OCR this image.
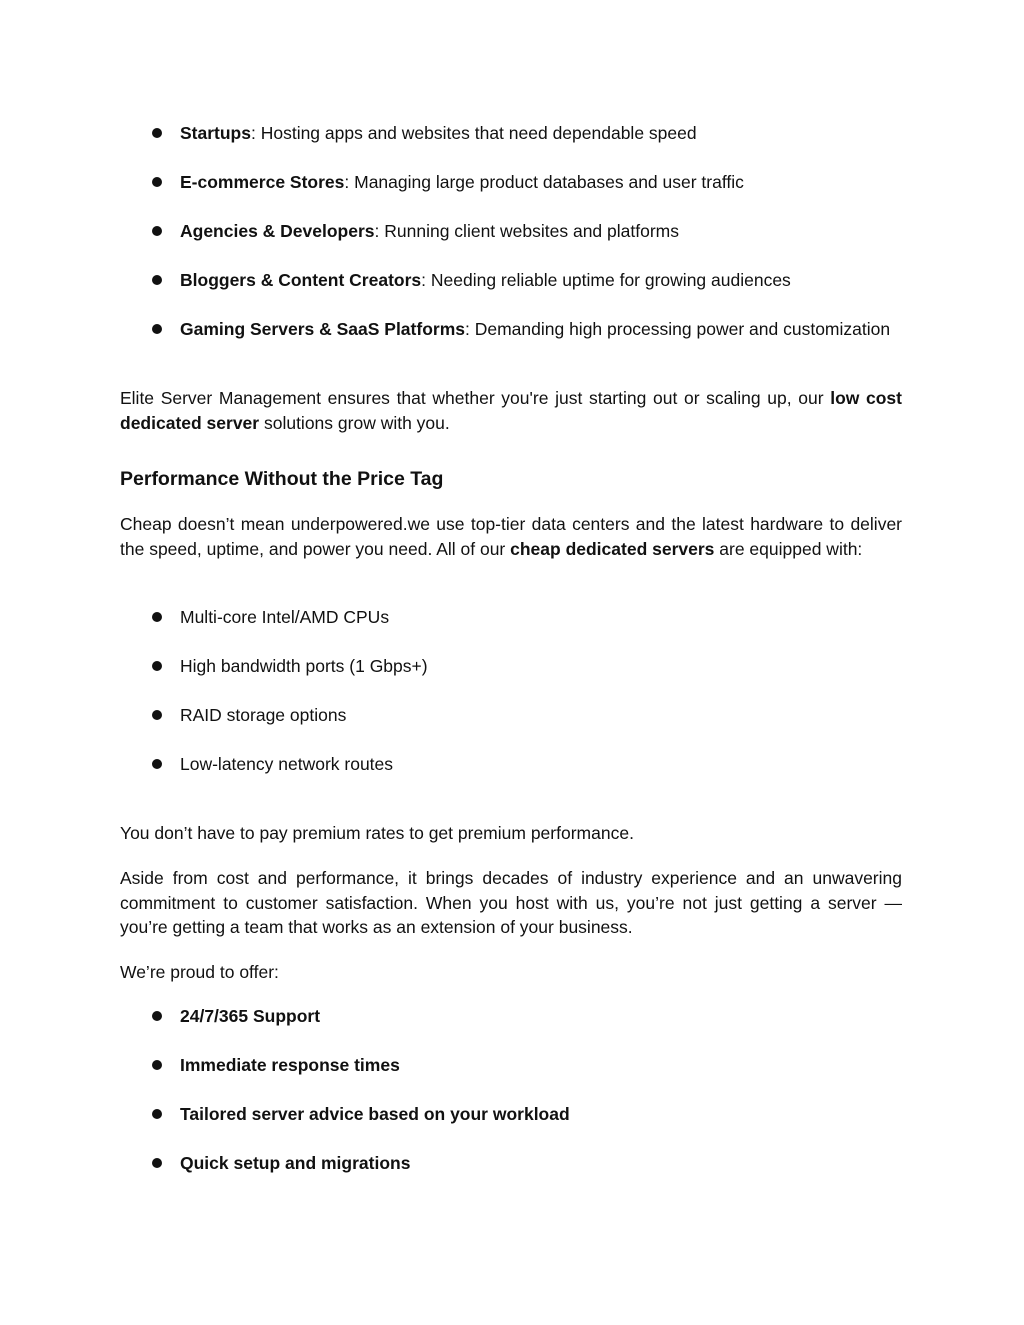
Startups: Hosting apps and websites that need dependable speed
E-commerce Stores: Managing large product databases and user traffic
Agencies & Developers: Running client websites and platforms
Bloggers & Content Creators: Needing reliable uptime for growing audiences
Gaming Servers & SaaS Platforms: Demanding high processing power and customization

Elite Server Management ensures that whether you're just starting out or scaling up, our low cost dedicated server solutions grow with you.

Performance Without the Price Tag

Cheap doesn’t mean underpowered.we use top-tier data centers and the latest hardware to deliver the speed, uptime, and power you need. All of our cheap dedicated servers are equipped with:

Multi-core Intel/AMD CPUs
High bandwidth ports (1 Gbps+)
RAID storage options
Low-latency network routes

You don’t have to pay premium rates to get premium performance.

Aside from cost and performance, it brings decades of industry experience and an unwavering commitment to customer satisfaction. When you host with us, you’re not just getting a server — you’re getting a team that works as an extension of your business.

We’re proud to offer:

24/7/365 Support
Immediate response times
Tailored server advice based on your workload
Quick setup and migrations
